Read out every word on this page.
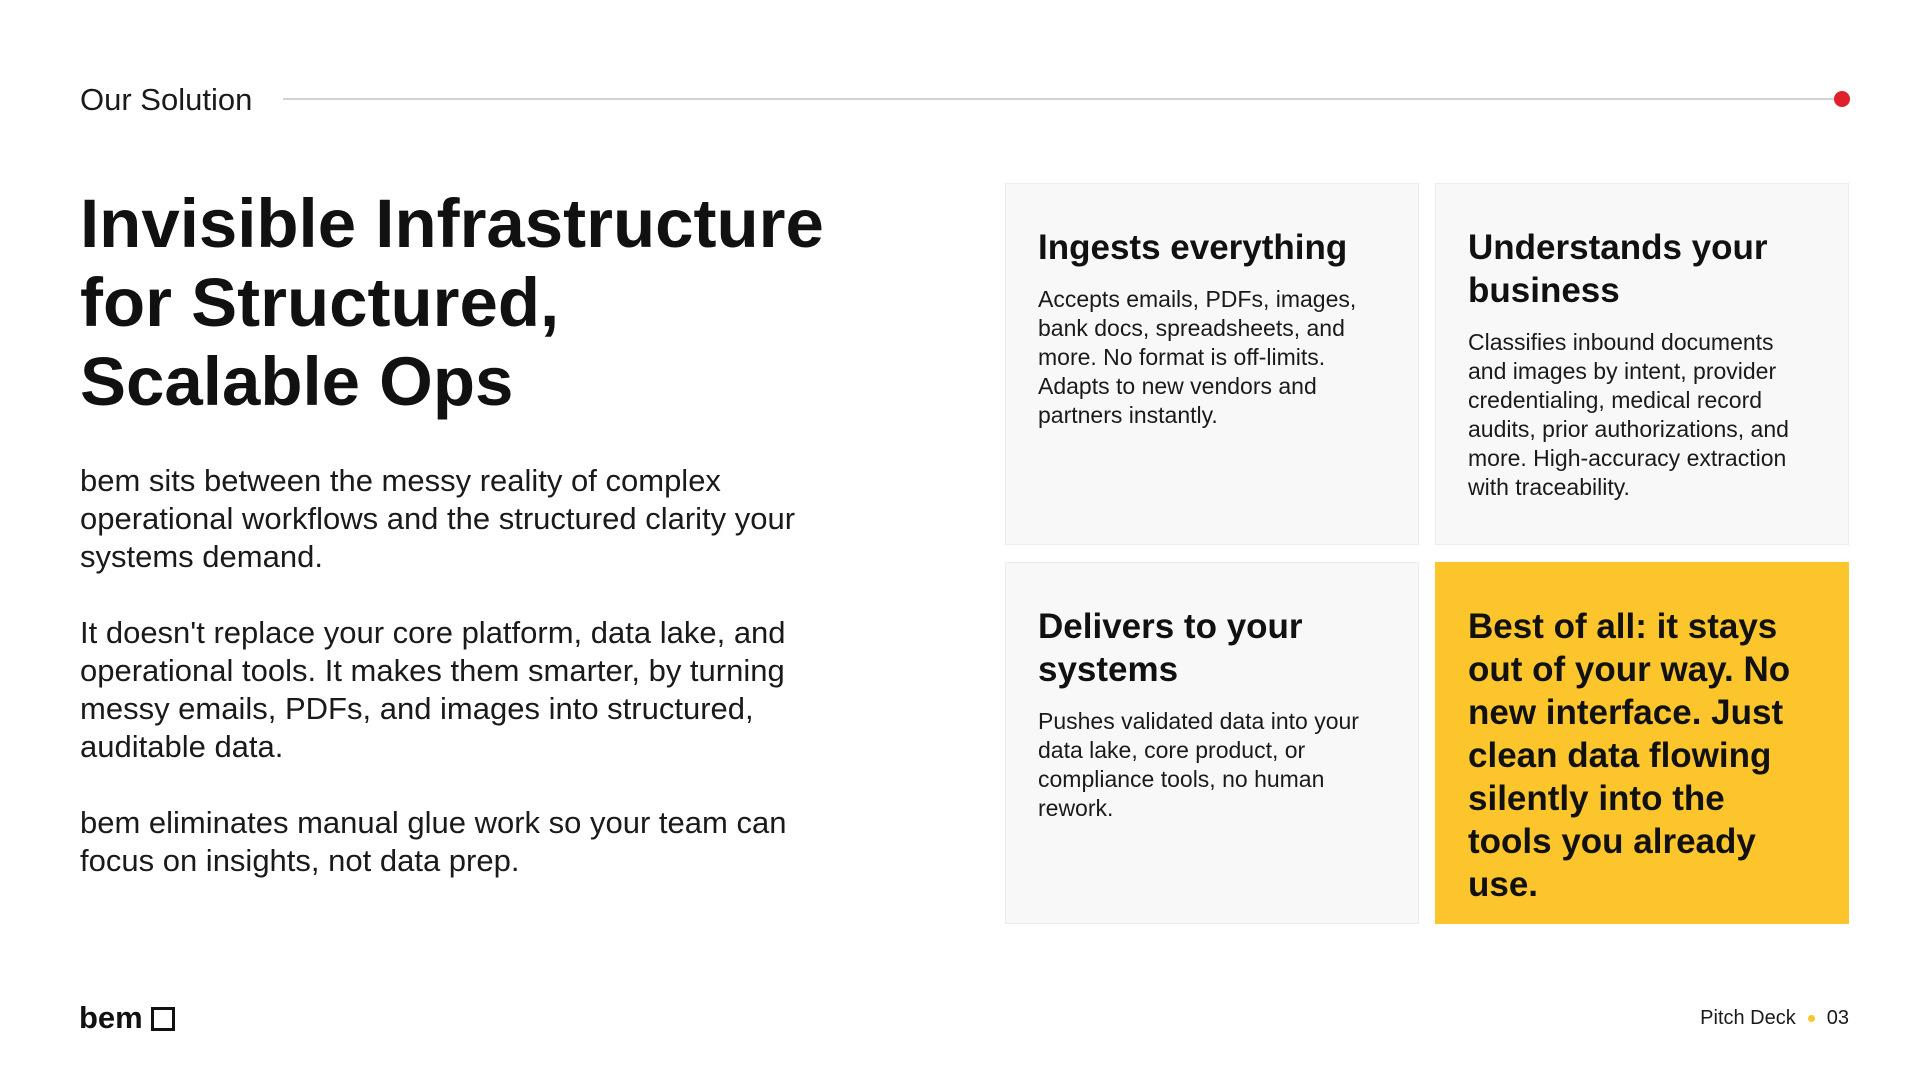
Our Solution
Invisible Infrastructure
for Structured,
Scalable Ops

bem sits between the messy reality of complex operational workflows and the structured clarity your systems demand.

It doesn't replace your core platform, data lake, and operational tools. It makes them smarter, by turning messy emails, PDFs, and images into structured, auditable data.

bem eliminates manual glue work so your team can focus on insights, not data prep.

Ingests everything

Accepts emails, PDFs, images, bank docs, spreadsheets, and more. No format is off-limits. Adapts to new vendors and partners instantly.

Understands your business

Classifies inbound documents and images by intent, provider credentialing, medical record audits, prior authorizations, and more. High-accuracy extraction with traceability.

Delivers to your systems

Pushes validated data into your data lake, core product, or compliance tools, no human rework.

Best of all: it stays out of your way. No new interface. Just clean data flowing silently into the tools you already use.

bem	Pitch Deck 03
